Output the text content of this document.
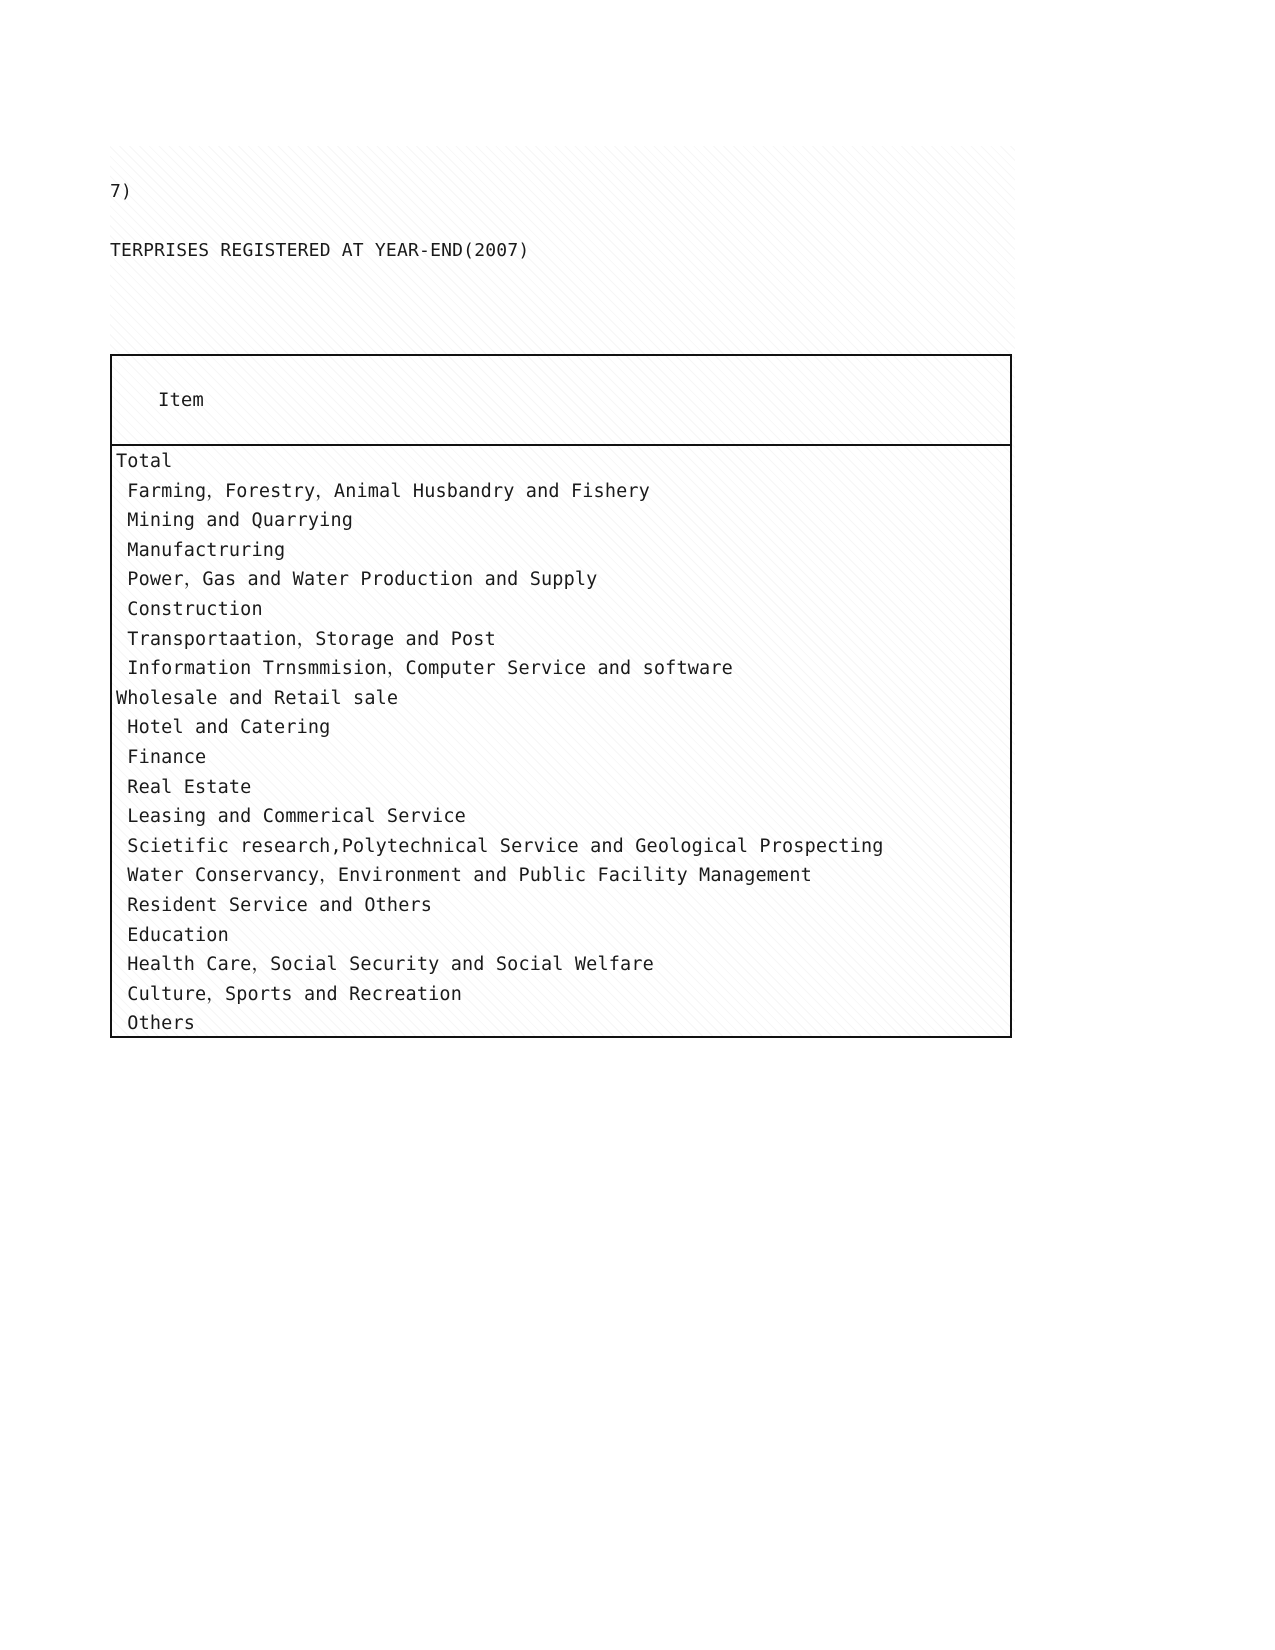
7)
TERPRISES REGISTERED AT YEAR-END(2007)
Item
Total
Farming，Forestry，Animal Husbandry and Fishery
Mining and Quarrying
Manufactruring
Power，Gas and Water Production and Supply
Construction
Transportaation，Storage and Post
Information Trnsmmision，Computer Service and software
Wholesale and Retail sale
Hotel and Catering
Finance
Real Estate
Leasing and Commerical Service
Scietific research,Polytechnical Service and Geological Prospecting
Water Conservancy，Environment and Public Facility Management
Resident Service and Others
Education
Health Care，Social Security and Social Welfare
Culture，Sports and Recreation
Others
